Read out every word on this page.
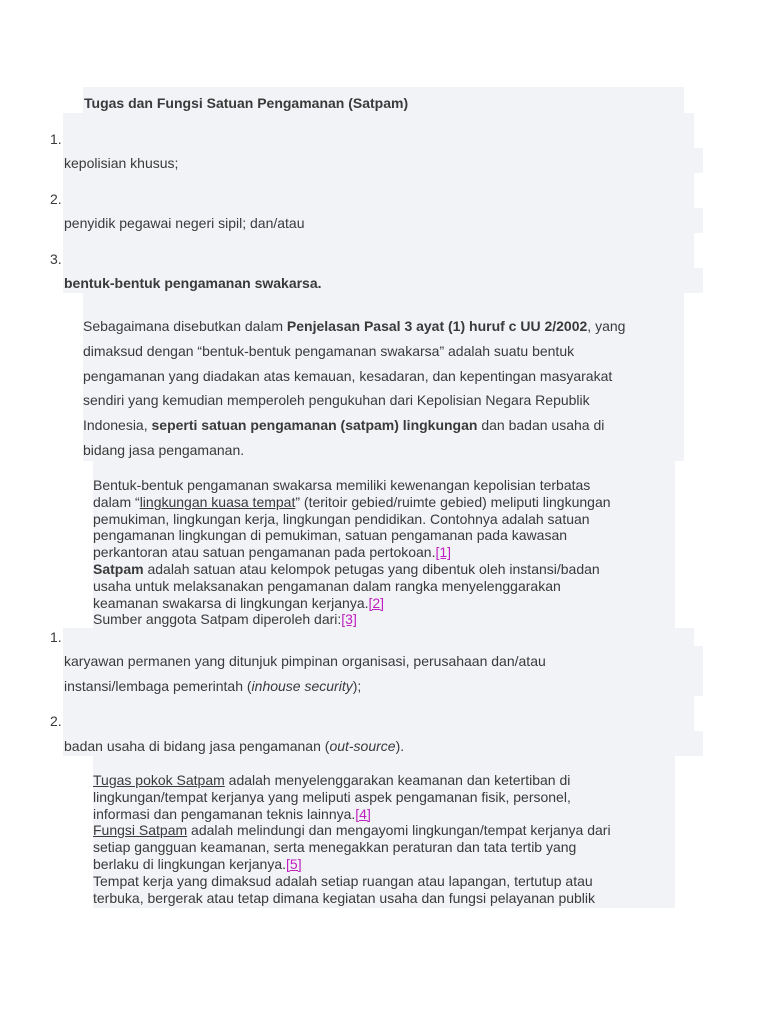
Tugas dan Fungsi Satuan Pengamanan (Satpam)
1.
kepolisian khusus;
2.
penyidik pegawai negeri sipil; dan/atau
3.
bentuk-bentuk pengamanan swakarsa.
Sebagaimana disebutkan dalam Penjelasan Pasal 3 ayat (1) huruf c UU 2/2002, yang
dimaksud dengan “bentuk-bentuk pengamanan swakarsa” adalah suatu bentuk
pengamanan yang diadakan atas kemauan, kesadaran, dan kepentingan masyarakat
sendiri yang kemudian memperoleh pengukuhan dari Kepolisian Negara Republik
Indonesia, seperti satuan pengamanan (satpam) lingkungan dan badan usaha di
bidang jasa pengamanan.
Bentuk-bentuk pengamanan swakarsa memiliki kewenangan kepolisian terbatas
dalam “lingkungan kuasa tempat” (teritoir gebied/ruimte gebied) meliputi lingkungan
pemukiman, lingkungan kerja, lingkungan pendidikan. Contohnya adalah satuan
pengamanan lingkungan di pemukiman, satuan pengamanan pada kawasan
perkantoran atau satuan pengamanan pada pertokoan.[1]
Satpam adalah satuan atau kelompok petugas yang dibentuk oleh instansi/badan
usaha untuk melaksanakan pengamanan dalam rangka menyelenggarakan
keamanan swakarsa di lingkungan kerjanya.[2]
Sumber anggota Satpam diperoleh dari:[3]
1.
karyawan permanen yang ditunjuk pimpinan organisasi, perusahaan dan/atau
instansi/lembaga pemerintah (inhouse security);
2.
badan usaha di bidang jasa pengamanan (out-source).
Tugas pokok Satpam adalah menyelenggarakan keamanan dan ketertiban di
lingkungan/tempat kerjanya yang meliputi aspek pengamanan fisik, personel,
informasi dan pengamanan teknis lainnya.[4]
Fungsi Satpam adalah melindungi dan mengayomi lingkungan/tempat kerjanya dari
setiap gangguan keamanan, serta menegakkan peraturan dan tata tertib yang
berlaku di lingkungan kerjanya.[5]
Tempat kerja yang dimaksud adalah setiap ruangan atau lapangan, tertutup atau
terbuka, bergerak atau tetap dimana kegiatan usaha dan fungsi pelayanan publik
